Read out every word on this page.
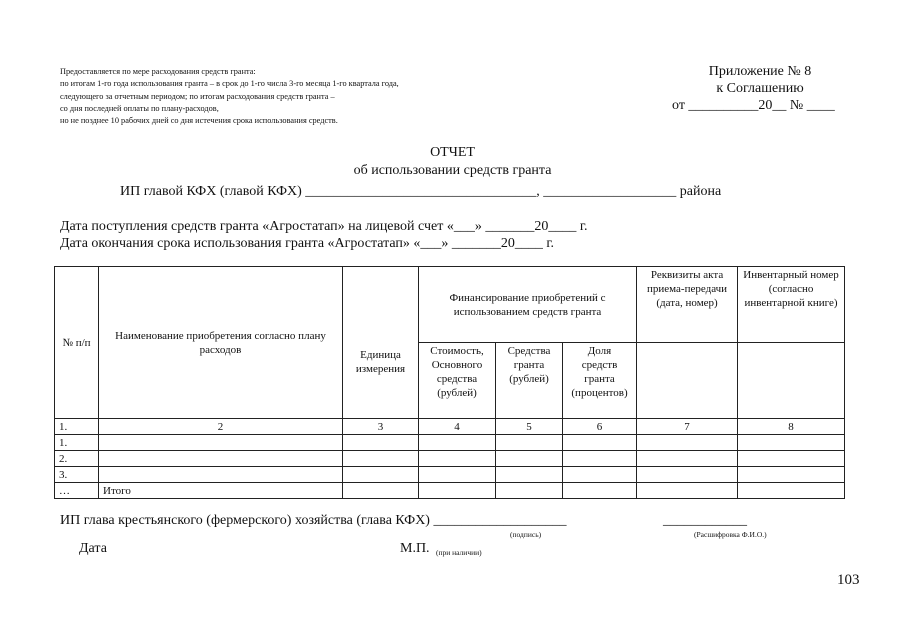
Предоставляется по мере расходования средств гранта:
по итогам 1-го года использования гранта – в срок до 1-го числа 3-го месяца 1-го квартала года,
следующего за отчетным периодом; по итогам расходования средств гранта –
со дня последней оплаты по плану-расходов,
но не позднее 10 рабочих дней со дня истечения срока использования средств.
Приложение № 8
к Соглашению
от __________20__ № ____
ОТЧЕТ
об использовании средств гранта
ИП главой КФХ (главой КФХ) _________________________________, ___________________ района
Дата поступления средств гранта «Агростатап» на лицевой счет «___» _______20____ г.
Дата окончания срока использования гранта «Агростатап» «___» _______20____ г.
№ п/п	Наименование приобретения согласно плану расходов	Единица измерения	Финансирование приобретений с использованием средств гранта			Реквизиты акта приема-передачи (дата, номер)	Инвентарный номер (согласно инвентарной книге)
			Стоимость, Основного средства (рублей)	Средства гранта (рублей)	Доля средств гранта (процентов)		
1.	2	3	4	5	6	7	8
1.							
2.							
3.							
…	Итого						
ИП глава крестьянского (фермерского) хозяйства (глава КФХ) ___________________	____________
(подпись)	(Расшифровка Ф.И.О.)
Дата	М.П. (при наличии)
103
